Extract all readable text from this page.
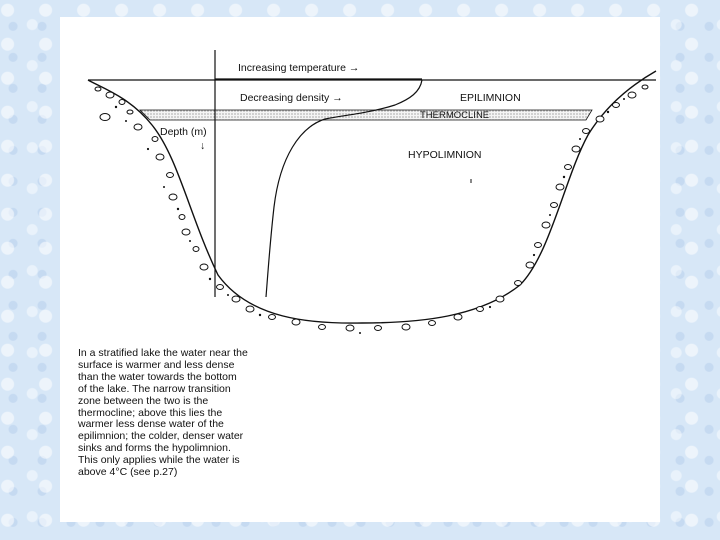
Increasing temperature →
Decreasing density →	EPILIMNION
THERMOCLINE
HYPOLIMNION
Depth (m)
↓

In a stratified lake the water near the
surface is warmer and less dense
than the water towards the bottom
of the lake. The narrow transition
zone between the two is the
thermocline; above this lies the
warmer less dense water of the
epilimnion; the colder, denser water
sinks and forms the hypolimnion.
This only applies while the water is
above 4°C (see p.27)
